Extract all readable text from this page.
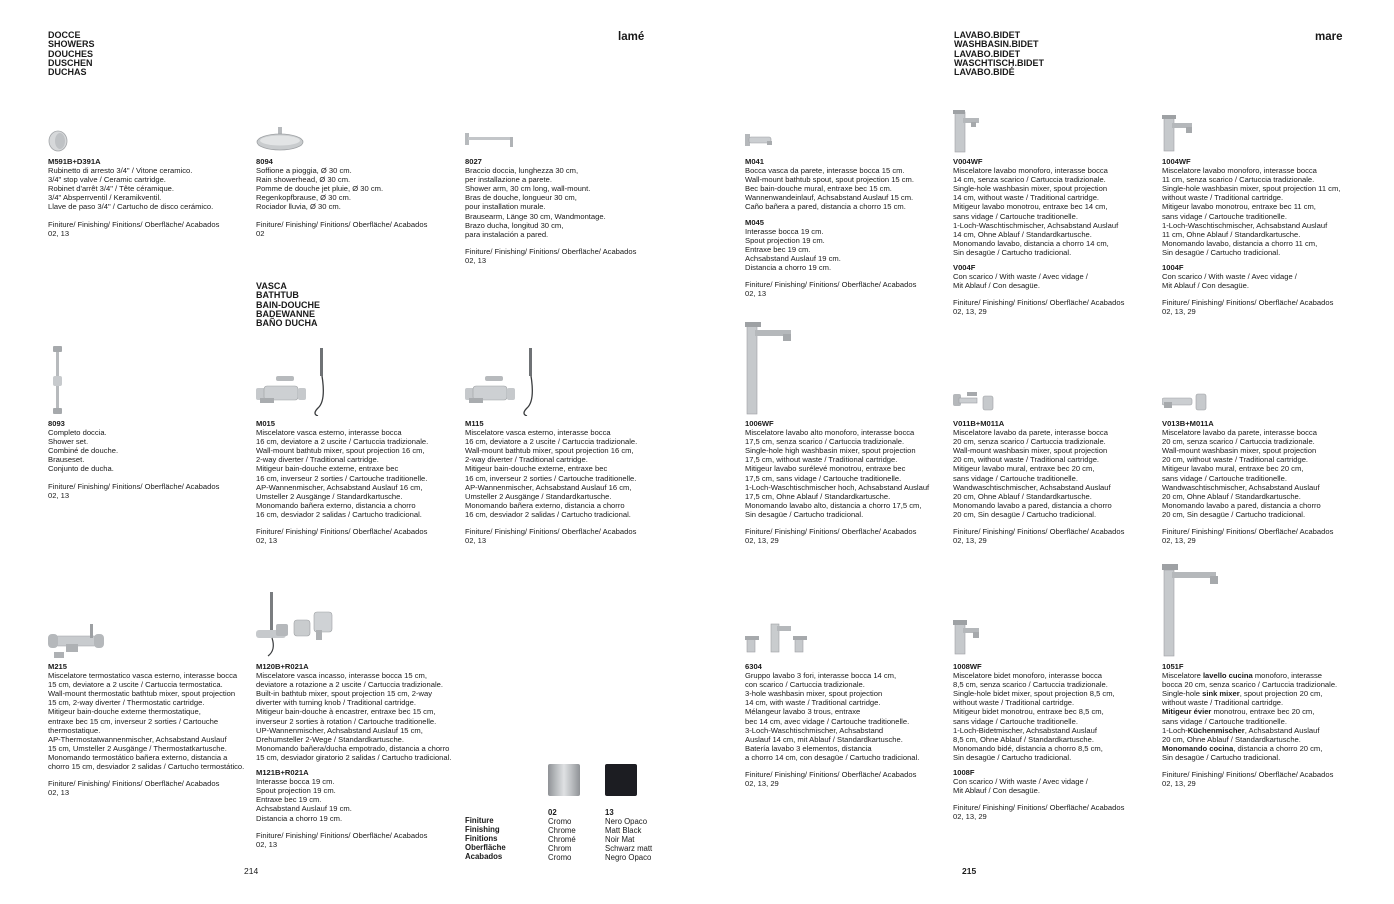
DOCCE
SHOWERS
DOUCHES
DUSCHEN
DUCHAS
lamé
M591B+D391A
Rubinetto di arresto 3/4" / Vitone ceramico.
3/4" stop valve / Ceramic cartridge.
Robinet d'arrêt 3/4" / Tête céramique.
3/4" Absperrventil / Keramikventil.
Llave de paso 3/4" / Cartucho de disco cerámico.
Finiture/ Finishing/ Finitions/ Oberfläche/ Acabados
02, 13
8094
Soffione a pioggia, Ø 30 cm.
Rain showerhead, Ø 30 cm.
Pomme de douche jet pluie, Ø 30 cm.
Regenkopfbrause, Ø 30 cm.
Rociador lluvia, Ø 30 cm.
Finiture/ Finishing/ Finitions/ Oberfläche/ Acabados
02
8027
Braccio doccia, lunghezza 30 cm,
per installazione a parete.
Shower arm, 30 cm long, wall-mount.
Bras de douche, longueur 30 cm,
pour installation murale.
Brausearm, Länge 30 cm, Wandmontage.
Brazo ducha, longitud 30 cm,
para instalación a pared.
Finiture/ Finishing/ Finitions/ Oberfläche/ Acabados
02, 13
VASCA
BATHTUB
BAIN-DOUCHE
BADEWANNE
BAÑO DUCHA
8093
Completo doccia.
Shower set.
Combiné de douche.
Brauseset.
Conjunto de ducha.
Finiture/ Finishing/ Finitions/ Oberfläche/ Acabados
02, 13
M015
Miscelatore vasca esterno, interasse bocca
16 cm, deviatore a 2 uscite / Cartuccia tradizionale.
Wall-mount bathtub mixer, spout projection 16 cm,
2-way diverter / Traditional cartridge.
Mitigeur bain-douche externe, entraxe bec
16 cm, inverseur 2 sorties / Cartouche traditionelle.
AP-Wannenmischer, Achsabstand Auslauf 16 cm,
Umsteller 2 Ausgänge / Standardkartusche.
Monomando bañera externo, distancia a chorro
16 cm, desviador 2 salidas / Cartucho tradicional.
Finiture/ Finishing/ Finitions/ Oberfläche/ Acabados
02, 13
M115
Miscelatore vasca esterno, interasse bocca
16 cm, deviatore a 2 uscite / Cartuccia tradizionale.
Wall-mount bathtub mixer, spout projection 16 cm,
2-way diverter / Traditional cartridge.
Mitigeur bain-douche externe, entraxe bec
16 cm, inverseur 2 sorties / Cartouche traditionelle.
AP-Wannenmischer, Achsabstand Auslauf 16 cm,
Umsteller 2 Ausgänge / Standardkartusche.
Monomando bañera externo, distancia a chorro
16 cm, desviador 2 salidas / Cartucho tradicional.
Finiture/ Finishing/ Finitions/ Oberfläche/ Acabados
02, 13
M215
Miscelatore termostatico vasca esterno, interasse bocca
15 cm, deviatore a 2 uscite / Cartuccia termostatica.
Wall-mount thermostatic bathtub mixer, spout projection
15 cm, 2-way diverter / Thermostatic cartridge.
Mitigeur bain-douche externe thermostatique,
entraxe bec 15 cm, inverseur 2 sorties / Cartouche
thermostatique.
AP-Thermostatwannenmischer, Achsabstand Auslauf
15 cm, Umsteller 2 Ausgänge / Thermostatkartusche.
Monomando termostático bañera externo, distancia a
chorro 15 cm, desviador 2 salidas / Cartucho termostático.
Finiture/ Finishing/ Finitions/ Oberfläche/ Acabados
02, 13
M120B+R021A
Miscelatore vasca incasso, interasse bocca 15 cm,
deviatore a rotazione a 2 uscite / Cartuccia tradizionale.
Built-in bathtub mixer, spout projection 15 cm, 2-way
diverter with turning knob / Traditional cartridge.
Mitigeur bain-douche à encastrer, entraxe bec 15 cm,
inverseur 2 sorties à rotation / Cartouche traditionelle.
UP-Wannenmischer, Achsabstand Auslauf 15 cm,
Drehumsteller 2-Wege / Standardkartusche.
Monomando bañera/ducha empotrado, distancia a chorro
15 cm, desviador giratorio 2 salidas / Cartucho tradicional.
M121B+R021A
Interasse bocca 19 cm.
Spout projection 19 cm.
Entraxe bec 19 cm.
Achsabstand Auslauf 19 cm.
Distancia a chorro 19 cm.
Finiture/ Finishing/ Finitions/ Oberfläche/ Acabados
02, 13
Finiture
Finishing
Finitions
Oberfläche
Acabados
02
Cromo
Chrome
Chromé
Chrom
Cromo
13
Nero Opaco
Matt Black
Noir Mat
Schwarz matt
Negro Opaco
214
LAVABO.BIDET
WASHBASIN.BIDET
LAVABO.BIDET
WASCHTISCH.BIDET
LAVABO.BIDÉ
mare
M041
Bocca vasca da parete, interasse bocca 15 cm.
Wall-mount bathtub spout, spout projection 15 cm.
Bec bain-douche mural, entraxe bec 15 cm.
Wannenwandeinlauf, Achsabstand Auslauf 15 cm.
Caño bañera a pared, distancia a chorro 15 cm.
M045
Interasse bocca 19 cm.
Spout projection 19 cm.
Entraxe bec 19 cm.
Achsabstand Auslauf 19 cm.
Distancia a chorro 19 cm.
Finiture/ Finishing/ Finitions/ Oberfläche/ Acabados
02, 13
V004WF
Miscelatore lavabo monoforo, interasse bocca
14 cm, senza scarico / Cartuccia tradizionale.
Single-hole washbasin mixer, spout projection
14 cm, without waste / Traditional cartridge.
Mitigeur lavabo monotrou, entraxe bec 14 cm,
sans vidage / Cartouche traditionelle.
1-Loch-Waschtischmischer, Achsabstand Auslauf
14 cm, Ohne Ablauf / Standardkartusche.
Monomando lavabo, distancia a chorro 14 cm,
Sin desagüe / Cartucho tradicional.
V004F
Con scarico / With waste / Avec vidage /
Mit Ablauf / Con desagüe.
Finiture/ Finishing/ Finitions/ Oberfläche/ Acabados
02, 13, 29
1004WF
Miscelatore lavabo monoforo, interasse bocca
11 cm, senza scarico / Cartuccia tradizionale.
Single-hole washbasin mixer, spout projection 11 cm,
without waste / Traditional cartridge.
Mitigeur lavabo monotrou, entraxe bec 11 cm,
sans vidage / Cartouche traditionelle.
1-Loch-Waschtischmischer, Achsabstand Auslauf
11 cm, Ohne Ablauf / Standardkartusche.
Monomando lavabo, distancia a chorro 11 cm,
Sin desagüe / Cartucho tradicional.
1004F
Con scarico / With waste / Avec vidage /
Mit Ablauf / Con desagüe.
Finiture/ Finishing/ Finitions/ Oberfläche/ Acabados
02, 13, 29
1006WF
Miscelatore lavabo alto monoforo, interasse bocca
17,5 cm, senza scarico / Cartuccia tradizionale.
Single-hole high washbasin mixer, spout projection
17,5 cm, without waste / Traditional cartridge.
Mitigeur lavabo surélevé monotrou, entraxe bec
17,5 cm, sans vidage / Cartouche traditionelle.
1-Loch-Waschtischmischer hoch, Achsabstand Auslauf
17,5 cm, Ohne Ablauf / Standardkartusche.
Monomando lavabo alto, distancia a chorro 17,5 cm,
Sin desagüe / Cartucho tradicional.
Finiture/ Finishing/ Finitions/ Oberfläche/ Acabados
02, 13, 29
V011B+M011A
Miscelatore lavabo da parete, interasse bocca
20 cm, senza scarico / Cartuccia tradizionale.
Wall-mount washbasin mixer, spout projection
20 cm, without waste / Traditional cartridge.
Mitigeur lavabo mural, entraxe bec 20 cm,
sans vidage / Cartouche traditionelle.
Wandwaschtischmischer, Achsabstand Auslauf
20 cm, Ohne Ablauf / Standardkartusche.
Monomando lavabo a pared, distancia a chorro
20 cm, Sin desagüe / Cartucho tradicional.
Finiture/ Finishing/ Finitions/ Oberfläche/ Acabados
02, 13, 29
V013B+M011A
Miscelatore lavabo da parete, interasse bocca
20 cm, senza scarico / Cartuccia tradizionale.
Wall-mount washbasin mixer, spout projection
20 cm, without waste / Traditional cartridge.
Mitigeur lavabo mural, entraxe bec 20 cm,
sans vidage / Cartouche traditionelle.
Wandwaschtischmischer, Achsabstand Auslauf
20 cm, Ohne Ablauf / Standardkartusche.
Monomando lavabo a pared, distancia a chorro
20 cm, Sin desagüe / Cartucho tradicional.
Finiture/ Finishing/ Finitions/ Oberfläche/ Acabados
02, 13, 29
6304
Gruppo lavabo 3 fori, interasse bocca 14 cm,
con scarico / Cartuccia tradizionale.
3-hole washbasin mixer, spout projection
14 cm, with waste / Traditional cartridge.
Mélangeur lavabo 3 trous, entraxe
bec 14 cm, avec vidage / Cartouche traditionelle.
3-Loch-Waschtischmischer, Achsabstand
Auslauf 14 cm, mit Ablauf / Standardkartusche.
Batería lavabo 3 elementos, distancia
a chorro 14 cm, con desagüe / Cartucho tradicional.
Finiture/ Finishing/ Finitions/ Oberfläche/ Acabados
02, 13, 29
1008WF
Miscelatore bidet monoforo, interasse bocca
8,5 cm, senza scarico / Cartuccia tradizionale.
Single-hole bidet mixer, spout projection 8,5 cm,
without waste / Traditional cartridge.
Mitigeur bidet monotrou, entraxe bec 8,5 cm,
sans vidage / Cartouche traditionelle.
1-Loch-Bidetmischer, Achsabstand Auslauf
8,5 cm, Ohne Ablauf / Standardkartusche.
Monomando bidé, distancia a chorro 8,5 cm,
Sin desagüe / Cartucho tradicional.
1008F
Con scarico / With waste / Avec vidage /
Mit Ablauf / Con desagüe.
Finiture/ Finishing/ Finitions/ Oberfläche/ Acabados
02, 13, 29
1051F
Miscelatore lavello cucina monoforo, interasse
bocca 20 cm, senza scarico / Cartuccia tradizionale.
Single-hole sink mixer, spout projection 20 cm,
without waste / Traditional cartridge.
Mitigeur évier monotrou, entraxe bec 20 cm,
sans vidage / Cartouche traditionelle.
1-Loch-Küchenmischer, Achsabstand Auslauf
20 cm, Ohne Ablauf / Standardkartusche.
Monomando cocina, distancia a chorro 20 cm,
Sin desagüe / Cartucho tradicional.
Finiture/ Finishing/ Finitions/ Oberfläche/ Acabados
02, 13, 29
215
